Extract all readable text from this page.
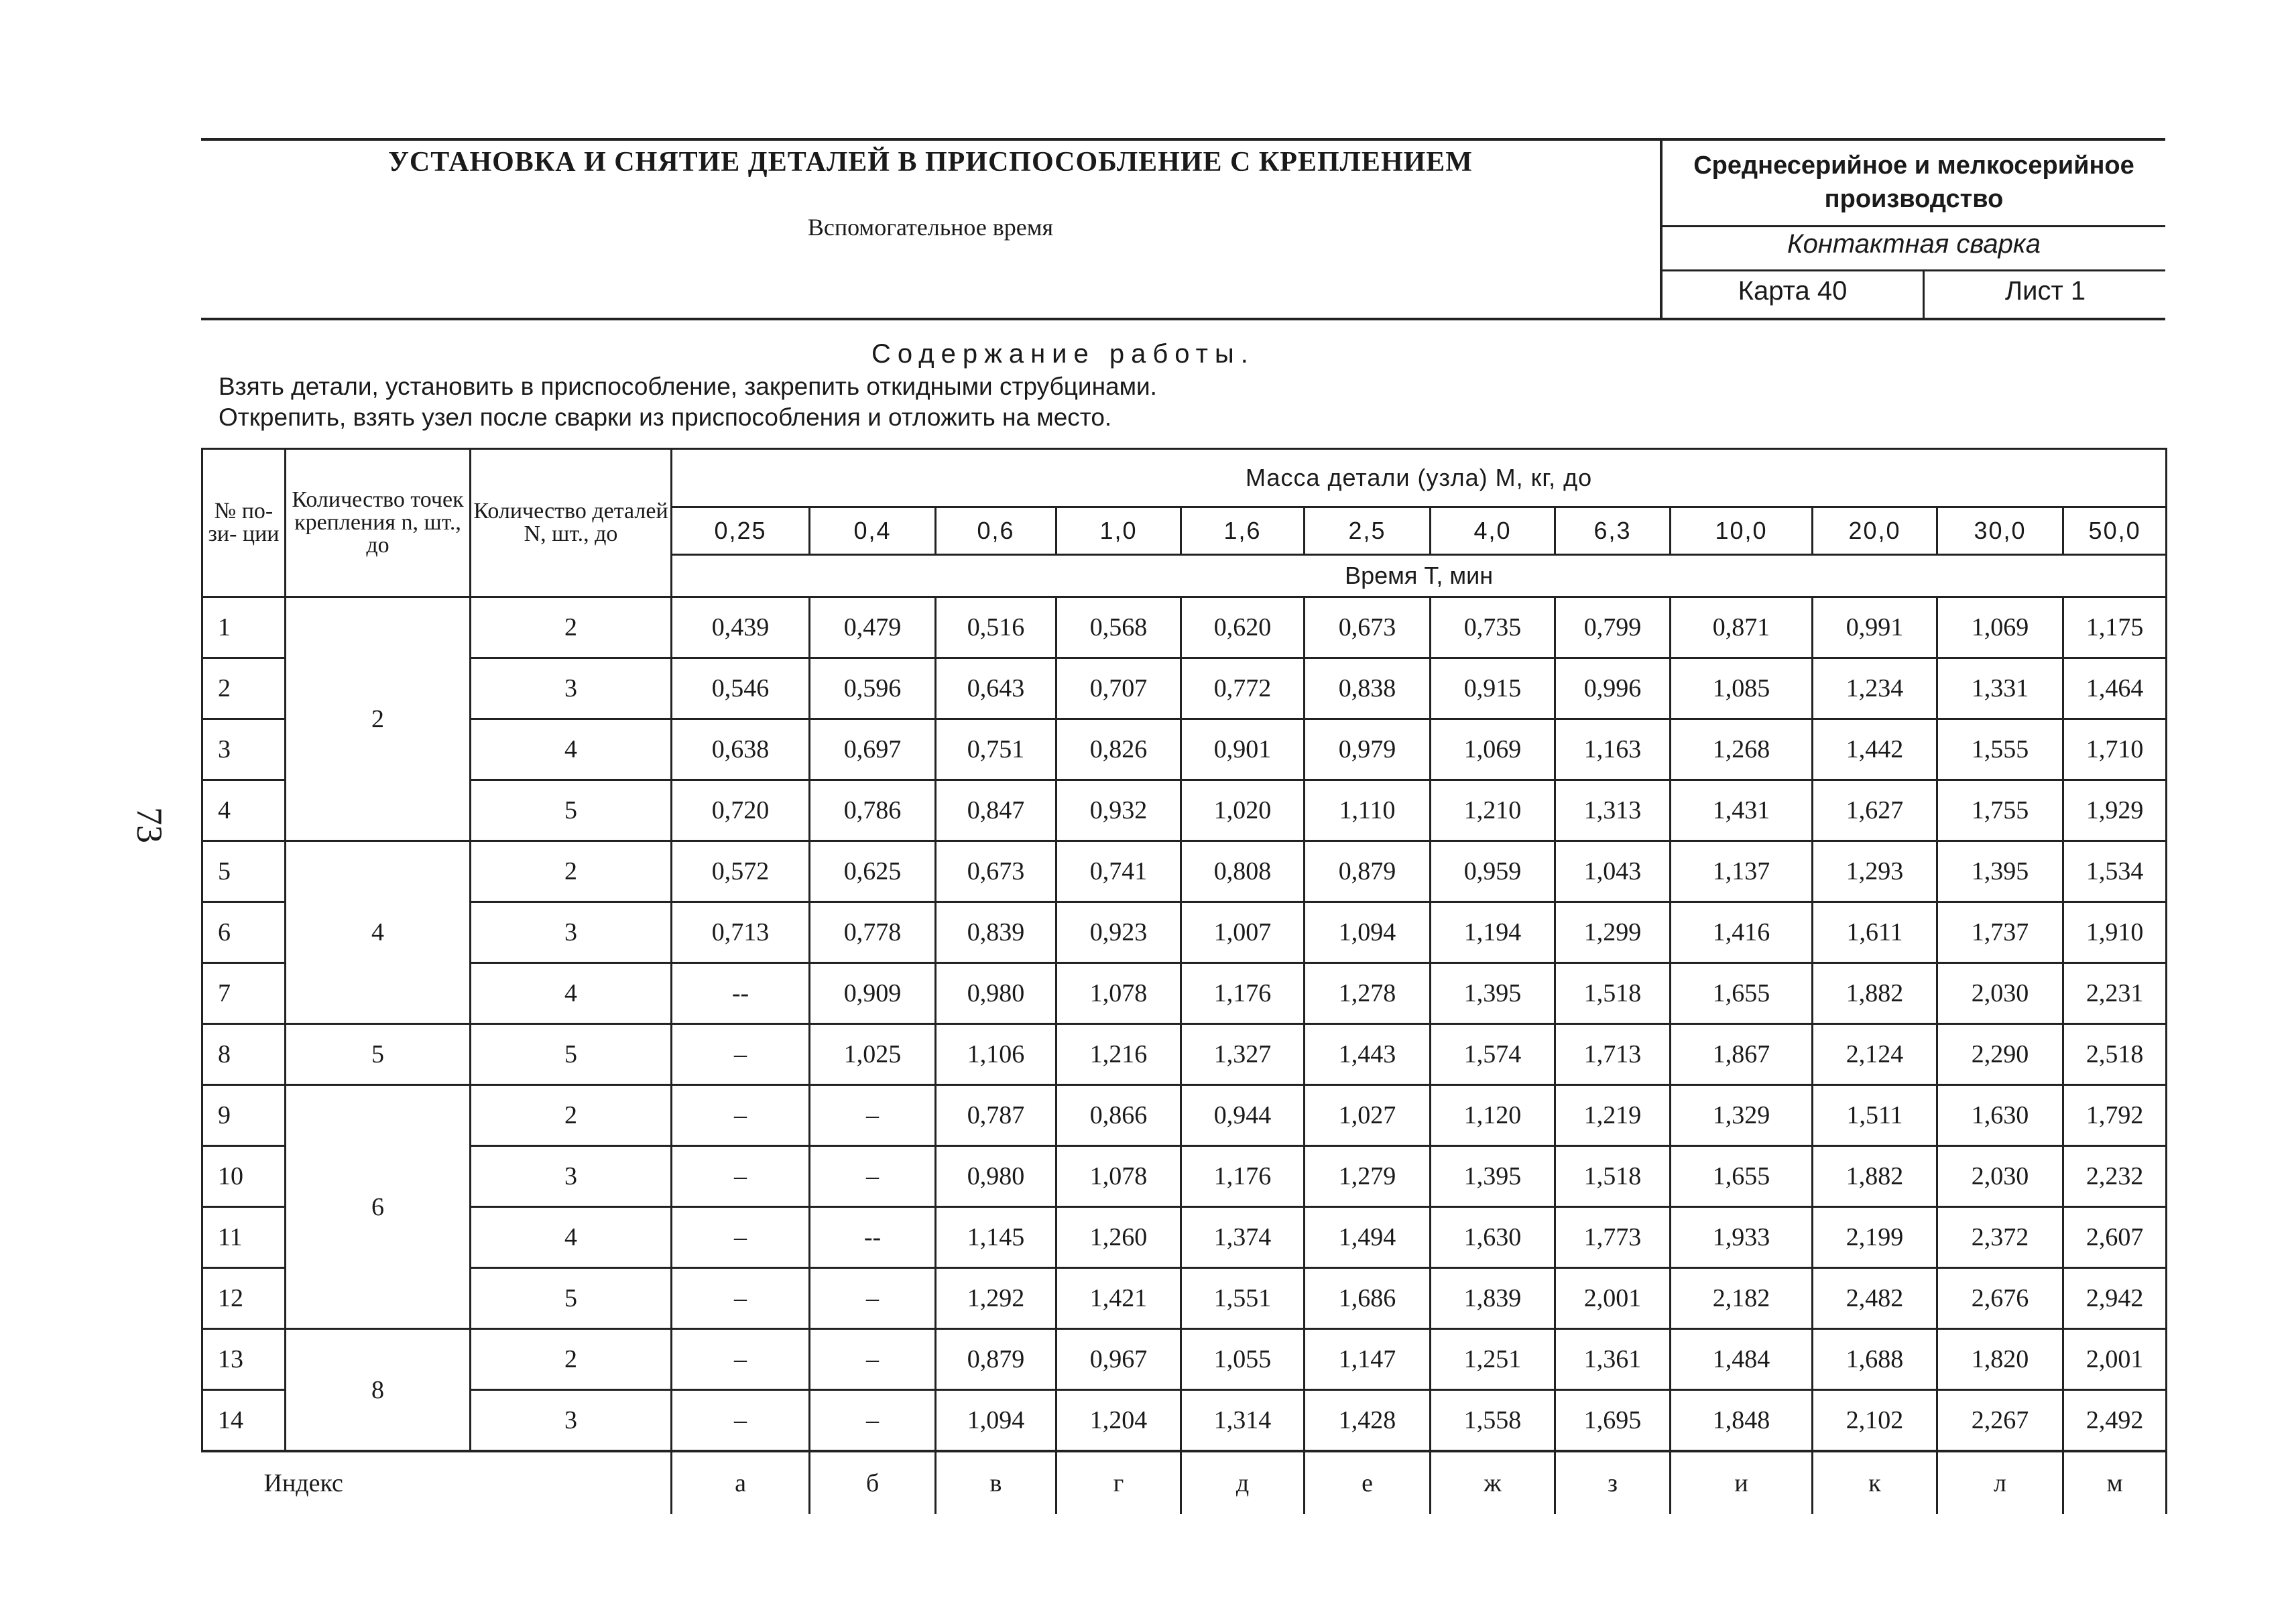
УСТАНОВКА И СНЯТИЕ ДЕТАЛЕЙ В ПРИСПОСОБЛЕНИЕ С КРЕПЛЕНИЕМ
Вспомогательное время
Среднесерийное и мелкосерийное производство
Контактная сварка
Карта 40	Лист 1
Содержание работы.
Взять детали, установить в приспособление, закрепить откидными струбцинами.
Открепить, взять узел после сварки из приспособления и отложить на место.
73
№ по- зи- ции	Количество точек крепления n, шт., до	Количество деталей N, шт., до	Масса детали (узла) М, кг, до											
			0,25	0,4	0,6	1,0	1,6	2,5	4,0	6,3	10,0	20,0	30,0	50,0
			Время Т, мин											
1	2	2	0,439	0,479	0,516	0,568	0,620	0,673	0,735	0,799	0,871	0,991	1,069	1,175
2		3	0,546	0,596	0,643	0,707	0,772	0,838	0,915	0,996	1,085	1,234	1,331	1,464
3		4	0,638	0,697	0,751	0,826	0,901	0,979	1,069	1,163	1,268	1,442	1,555	1,710
4		5	0,720	0,786	0,847	0,932	1,020	1,110	1,210	1,313	1,431	1,627	1,755	1,929
5	4	2	0,572	0,625	0,673	0,741	0,808	0,879	0,959	1,043	1,137	1,293	1,395	1,534
6		3	0,713	0,778	0,839	0,923	1,007	1,094	1,194	1,299	1,416	1,611	1,737	1,910
7		4	--	0,909	0,980	1,078	1,176	1,278	1,395	1,518	1,655	1,882	2,030	2,231
8	5	5	–	1,025	1,106	1,216	1,327	1,443	1,574	1,713	1,867	2,124	2,290	2,518
9	6	2	–	–	0,787	0,866	0,944	1,027	1,120	1,219	1,329	1,511	1,630	1,792
10		3	–	–	0,980	1,078	1,176	1,279	1,395	1,518	1,655	1,882	2,030	2,232
11		4	–	--	1,145	1,260	1,374	1,494	1,630	1,773	1,933	2,199	2,372	2,607
12		5	–	–	1,292	1,421	1,551	1,686	1,839	2,001	2,182	2,482	2,676	2,942
13	8	2	–	–	0,879	0,967	1,055	1,147	1,251	1,361	1,484	1,688	1,820	2,001
14		3	–	–	1,094	1,204	1,314	1,428	1,558	1,695	1,848	2,102	2,267	2,492
Индекс			а	б	в	г	д	е	ж	з	и	к	л	м
